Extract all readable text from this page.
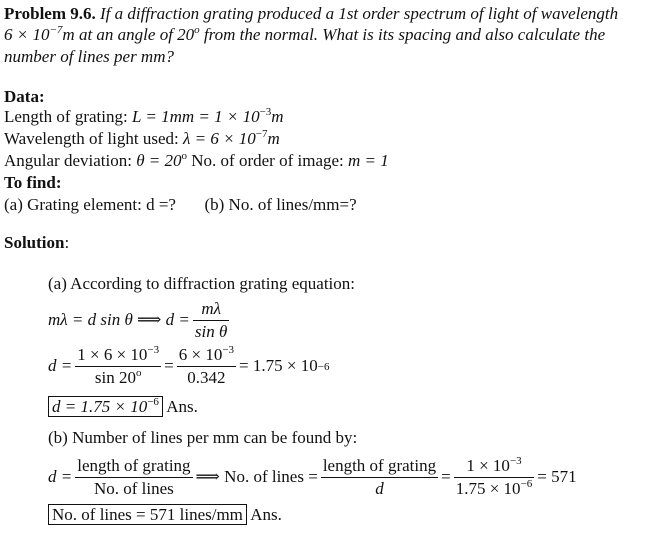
Problem 9.6. If a diffraction grating produced a 1st order spectrum of light of wavelength
$6 \times 10^{-7}m$ at an angle of 20$^o$ from the normal. What is its spacing and also calculate the
number of lines per mm?
Data:
Length of grating: $L = 1mm = 1 \times 10^{-3}m$
Wavelength of light used: $\lambda = 6 \times 10^{-7}m$
Angular deviation: $\theta = 20^o$ No. of order of image: m = 1
To find:
(a) Grating element: d =? (b) No. of lines/mm=?
Solution:
(a) According to diffraction grating equation:
mλ = d sin θ ⟹ $d = \frac{m\lambda}{\text{sin θ}}$
$d = \frac{1 \times 6 \times 10^{-3}}{\sin 20^o} = \frac{6 \times 10^{-3}}{0.342} = 1.75 \times 10 -6$
$d = 1.75 \times 10^{-6}$ Ans.
(b) Number of lines per mm can be found by:
$d = \frac{\text{length of grating}}{\text{No. of lines}}$ ⟹ No. of lines = $\frac{\text{length of grating}}{d} = \frac{1 \times 10^{-3}}{1.75 \times 10^{-6}} = 571$
No. of lines = 571 lines/mm Ans.
